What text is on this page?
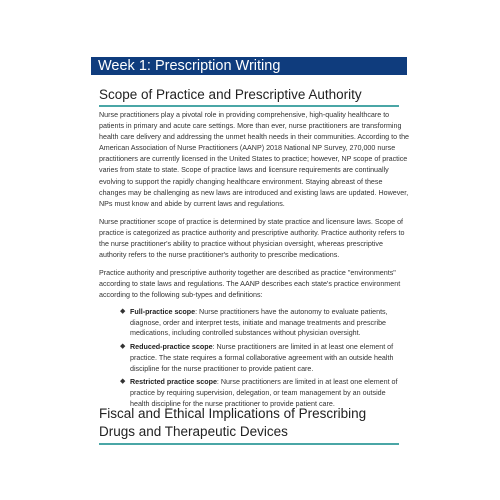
Week 1: Prescription Writing
Scope of Practice and Prescriptive Authority

Nurse practitioners play a pivotal role in providing comprehensive, high-quality healthcare to patients in primary and acute care settings. More than ever, nurse practitioners are transforming health care delivery and addressing the unmet health needs in their communities. According to the American Association of Nurse Practitioners (AANP) 2018 National NP Survey, 270,000 nurse practitioners are currently licensed in the United States to practice; however, NP scope of practice varies from state to state. Scope of practice laws and licensure requirements are continually evolving to support the rapidly changing healthcare environment. Staying abreast of these changes may be challenging as new laws are introduced and existing laws are updated. However, NPs must know and abide by current laws and regulations.

Nurse practitioner scope of practice is determined by state practice and licensure laws. Scope of practice is categorized as practice authority and prescriptive authority. Practice authority refers to the nurse practitioner's ability to practice without physician oversight, whereas prescriptive authority refers to the nurse practitioner's authority to prescribe medications.

Practice authority and prescriptive authority together are described as practice "environments" according to state laws and regulations. The AANP describes each state's practice environment according to the following sub-types and definitions:

◆ Full-practice scope: Nurse practitioners have the autonomy to evaluate patients, diagnose, order and interpret tests, initiate and manage treatments and prescribe medications, including controlled substances without physician oversight.
◆ Reduced-practice scope: Nurse practitioners are limited in at least one element of practice. The state requires a formal collaborative agreement with an outside health discipline for the nurse practitioner to provide patient care.
◆ Restricted practice scope: Nurse practitioners are limited in at least one element of practice by requiring supervision, delegation, or team management by an outside health discipline for the nurse practitioner to provide patient care.
Fiscal and Ethical Implications of Prescribing Drugs and Therapeutic Devices
